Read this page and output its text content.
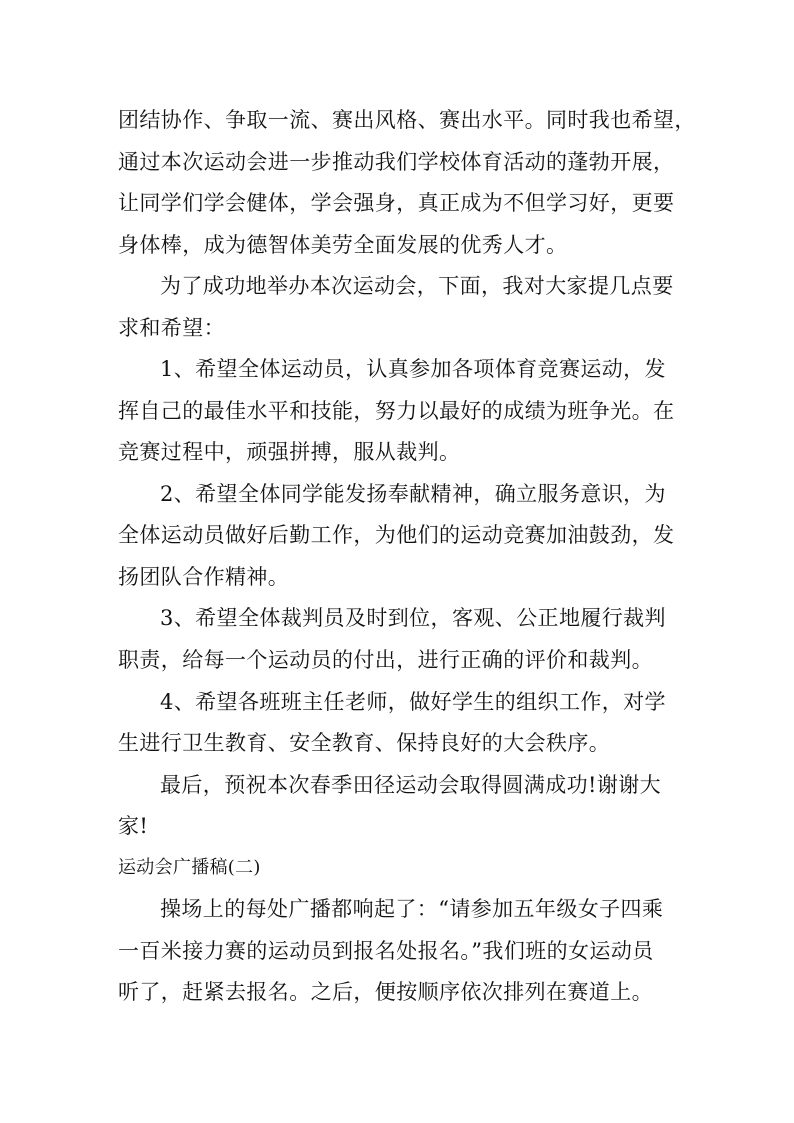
团结协作、争取一流、赛出风格、赛出水平。同时我也希望，
通过本次运动会进一步推动我们学校体育活动的蓬勃开展，
让同学们学会健体，学会强身，真正成为不但学习好，更要
身体棒，成为德智体美劳全面发展的优秀人才。
为了成功地举办本次运动会，下面，我对大家提几点要
求和希望：
1、希望全体运动员，认真参加各项体育竞赛运动，发
挥自己的最佳水平和技能，努力以最好的成绩为班争光。在
竞赛过程中，顽强拼搏，服从裁判。
2、希望全体同学能发扬奉献精神，确立服务意识，为
全体运动员做好后勤工作，为他们的运动竞赛加油鼓劲，发
扬团队合作精神。
3、希望全体裁判员及时到位，客观、公正地履行裁判
职责，给每一个运动员的付出，进行正确的评价和裁判。
4、希望各班班主任老师，做好学生的组织工作，对学
生进行卫生教育、安全教育、保持良好的大会秩序。
最后，预祝本次春季田径运动会取得圆满成功!谢谢大
家!
运动会广播稿(二)
操场上的每处广播都响起了：“请参加五年级女子四乘
一百米接力赛的运动员到报名处报名。”我们班的女运动员
听了，赶紧去报名。之后，便按顺序依次排列在赛道上。
